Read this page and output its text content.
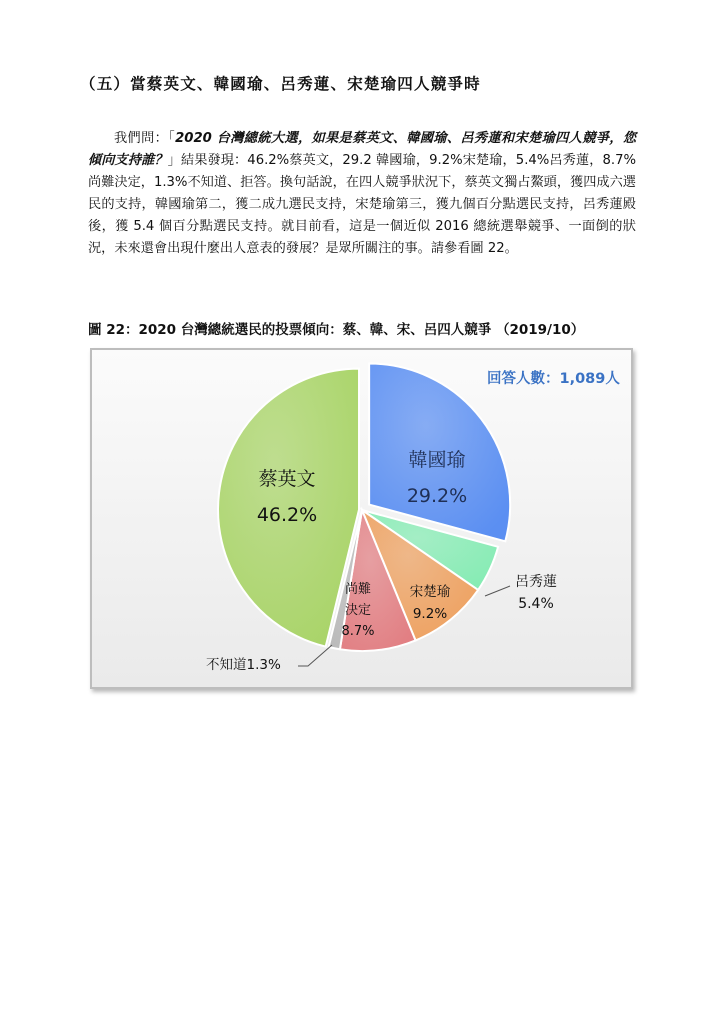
（五）當蔡英文、韓國瑜、呂秀蓮、宋楚瑜四人競爭時
我們問：「2020 台灣總統大選，如果是蔡英文、韓國瑜、呂秀蓮和宋楚瑜四人競爭，您傾向支持誰？」結果發現：46.2%蔡英文，29.2 韓國瑜，9.2%宋楚瑜，5.4%呂秀蓮，8.7%尚難決定，1.3%不知道、拒答。換句話說，在四人競爭狀況下，蔡英文獨占鰲頭，獲四成六選民的支持，韓國瑜第二，獲二成九選民支持，宋楚瑜第三，獲九個百分點選民支持，呂秀蓮殿後，獲 5.4 個百分點選民支持。就目前看，這是一個近似 2016 總統選舉競爭、一面倒的狀況，未來還會出現什麼出人意表的發展？是眾所關注的事。請參看圖 22。
圖 22：2020 台灣總統選民的投票傾向：蔡、韓、宋、呂四人競爭 （2019/10）
回答人數：1,089人
韓國瑜
29.2%
蔡英文
46.2%
宋楚瑜
9.2%
尚難
決定
8.7%
呂秀蓮
5.4%
不知道1.3%
